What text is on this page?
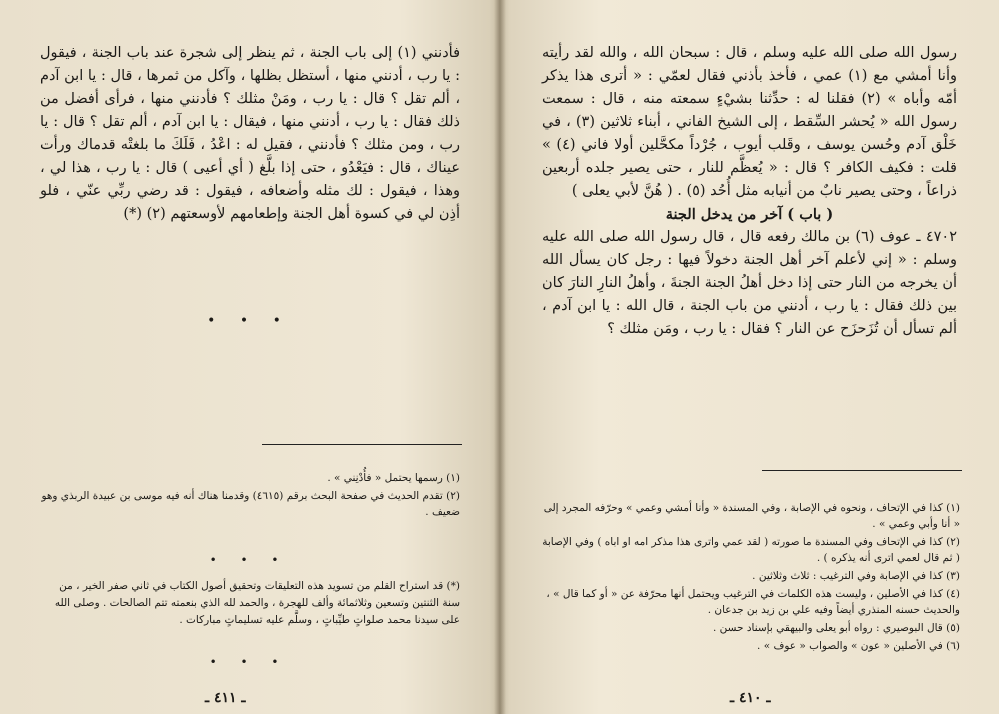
فأدنني (١) إلى باب الجنة ، ثم ينظر إلى شجرة عند باب الجنة ، فيقول : يا رب ، أدنني منها ، أستظل بظلها ، وآكل من ثمرها ، قال : يا ابن آدم ، ألم تقل ؟ قال : يا رب ، ومَنْ مثلك ؟ فأدنني منها ، فرأى أفضل من ذلك فقال : يا رب ، أدنني منها ، فيقال : يا ابن آدم ، ألم تقل ؟ قال : يا رب ، ومن مثلك ؟ فأدنني ، فقيل له : اعْدُ ، فَلَكَ ما بلغتْه قدماك ورأت عيناك ، قال : فيَعْدُو ، حتى إذا بلَّغ ( أي أعيى ) قال : يا رب ، هذا لي ، وهذا ، فيقول : لك مثله وأضعافه ، فيقول : قد رضي ربِّي عنّي ، فلو أذِن لي في كسوة أهل الجنة وإطعامهم لأوسعتهم (٢) (*)

• • •
(١) رسمها يحتمل « فأُدْنِني » .
(٢) تقدم الحديث في صفحة البحث برقم (٤٦١٥) وقدمنا هناك أنه فيه موسى بن عبيدة الربذي وهو ضعيف .
• • •
(*) قد استراح القلم من تسويد هذه التعليقات وتحقيق أصول الكتاب في ثاني صفر الخير ، من سنة الثنتين وتسعين وثلاثمائة وألف للهجرة ، والحمد لله الذي بنعمته تتم الصالحات . وصلى الله على سيدنا محمد صلواتٍ طيِّباتٍ ، وسلَّم عليه تسليماتٍ مباركات .
• • •
ـ ٤١١ ـ

رسول الله صلى الله عليه وسلم ، قال : سبحان الله ، والله لقد رأيته وأنا أمشي مع (١) عمي ، فأخذ بأذني فقال لعمّي : « أترى هذا يذكر أمّه وأباه » (٢) فقلنا له : حدِّثنا بشيْءٍ سمعته منه ، قال : سمعت رسول الله « يُحشر السِّقط ، إلى الشيخ الفاني ، أبناء ثلاثين (٣) ، في خَلْق آدم وحُسن يوسف ، وقَلب أيوب ، جُرْداً مكحَّلين أولا فاني (٤) » قلت : فكيف الكافر ؟ قال : « يُعظَّم للنار ، حتى يصير جلده أربعين ذراعاً ، وحتى يصير نابٌ من أنيابه مثل أُحُد (٥) . ( هُنَّ لأبي يعلى )

( باب ) آخر من يدخل الجنة

٤٧٠٢ ـ عوف (٦) بن مالك رفعه قال ، قال رسول الله صلى الله عليه وسلم : « إني لأعلم آخر أهل الجنة دخولاً فيها : رجل كان يسأل الله أن يخرجه من النار حتى إذا دخل أهلُ الجنة الجنةَ ، وأهلُ النارِ النارَ كان بين ذلك فقال : يا رب ، أدنني من باب الجنة ، قال الله : يا ابن آدم ، ألم تسأل أن تُزَحزَح عن النار ؟ فقال : يا رب ، ومَن مثلك ؟

(١) كذا في الإتحاف ، ونحوه في الإصابة ، وفي المسندة « وأنا أمشي وعمي » وحرّفه المجرد إلى « أنا وأبي وعمي » .
(٢) كذا في الإتحاف وفي المسندة ما صورته ( لقد عمي واترى هذا مذكر امه او اباه ) وفي الإصابة ( ثم قال لعمي اترى أنه يذكره ) .
(٣) كذا في الإصابة وفي الترغيب : ثلاث وثلاثين .
(٤) كذا في الأصلين ، وليست هذه الكلمات في الترغيب ويحتمل أنها محرّفة عن « أو كما قال » ، والحديث حسنه المنذري أيضاً وفيه علي بن زيد بن جدعان .
(٥) قال البوصيري : رواه أبو يعلى والبيهقي بإسناد حسن .
(٦) في الأصلين « عون » والصواب « عوف » .
ـ ٤١٠ ـ
